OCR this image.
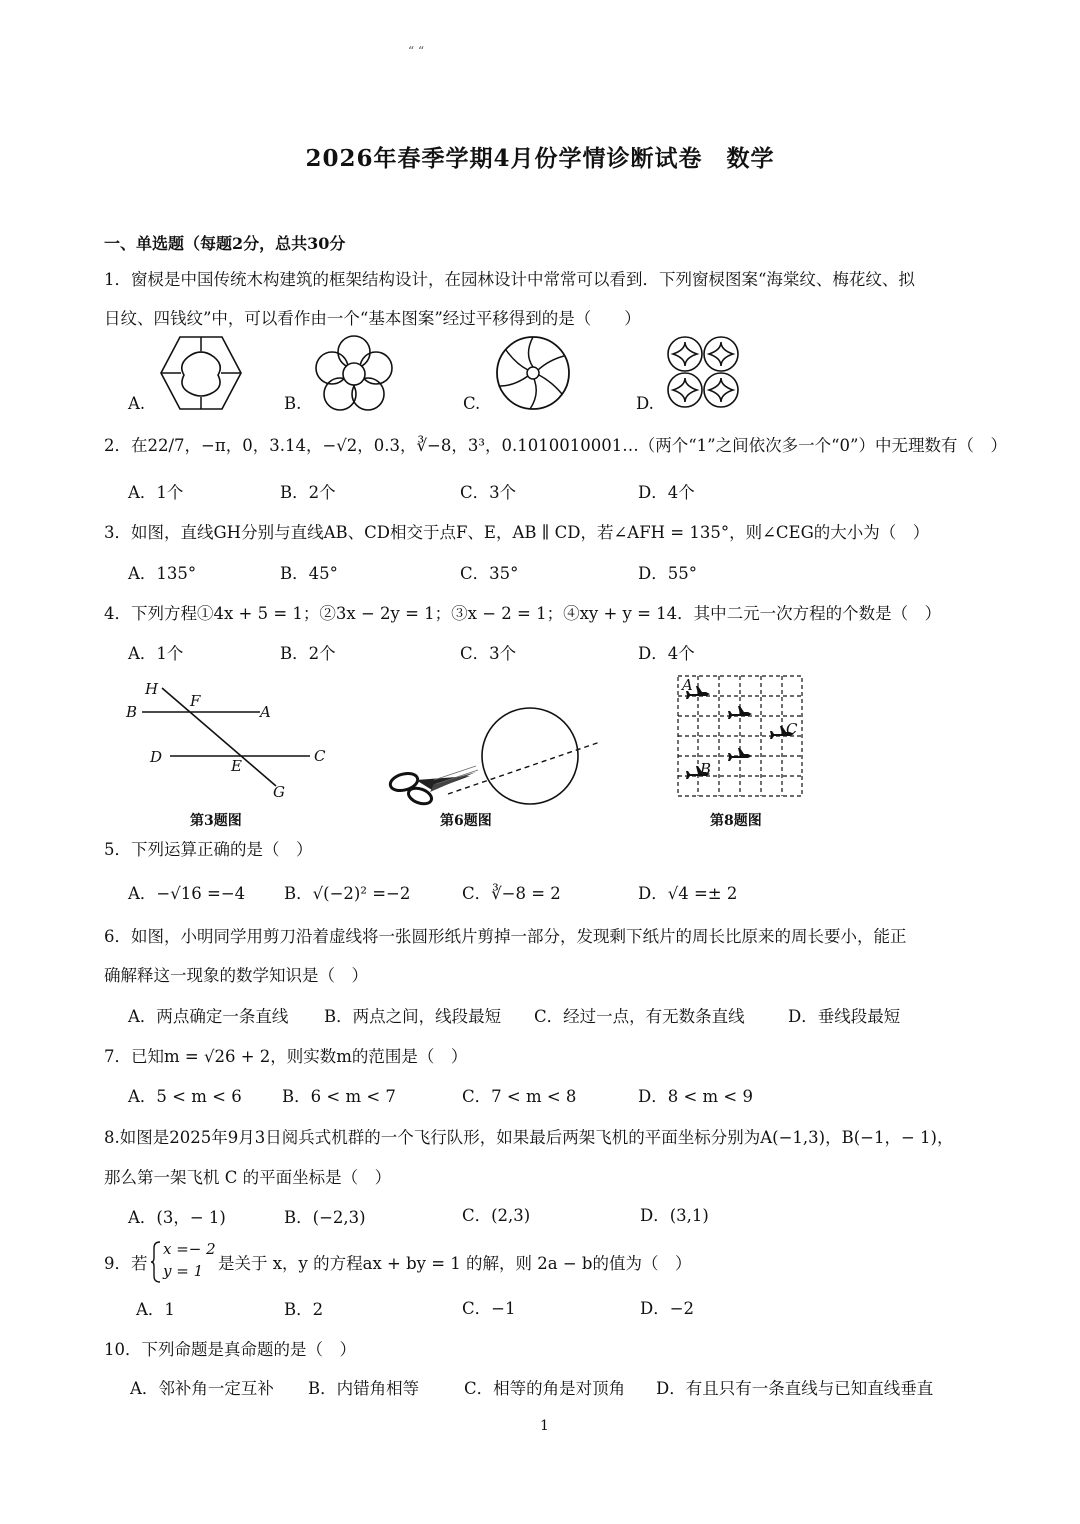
“ “
2026年春季学期4月份学情诊断试卷　数学
一、单选题（每题2分，总共30分
1．窗棂是中国传统木构建筑的框架结构设计，在园林设计中常常可以看到．下列窗棂图案“海棠纹、梅花纹、拟
日纹、四钱纹”中，可以看作由一个“基本图案”经过平移得到的是（　　）
A.	B.	C.	D.
2．在22/7，−π，0，3.14，−√2，0.3，∛−8，3³，0.1010010001…（两个“1”之间依次多一个“0”）中无理数有（　）
A．1个	B．2个	C．3个	D．4个
3．如图，直线GH分别与直线AB、CD相交于点F、E，AB ∥ CD，若∠AFH = 135°，则∠CEG的大小为（　）
A．135°	B．45°	C．35°	D．55°
4．下列方程①4x + 5 = 1；②3x − 2y = 1；③x − 2 = 1；④xy + y = 14．其中二元一次方程的个数是（　）
A．1个	B．2个	C．3个	D．4个
H
F
B	A
D	E
C
G
第3题图	第6题图
A
C
B
第8题图
5．下列运算正确的是（　）
A．−√16 =−4 B．√(−2)² =−2	C．∛−8 = 2	D．√4 =± 2
6．如图，小明同学用剪刀沿着虚线将一张圆形纸片剪掉一部分，发现剩下纸片的周长比原来的周长要小，能正
确解释这一现象的数学知识是（　）
A．两点确定一条直线 B．两点之间，线段最短 C．经过一点，有无数条直线	D．垂线段最短
7．已知m = √26 + 2，则实数m的范围是（　）
A．5 < m < 6 B．6 < m < 7	C．7 < m < 8	D．8 < m < 9
8.如图是2025年9月3日阅兵式机群的一个飞行队形，如果最后两架飞机的平面坐标分别为A(−1,3)，B(−1，− 1)，
那么第一架飞机 C 的平面坐标是（　）
A．(3，− 1)	B．(−2,3)	C．(2,3)	D．(3,1)
9．若
x =− 2
y = 1 是关于 x，y 的方程ax + by = 1 的解，则 2a − b的值为（　）
A．1	B．2	C．−1	D．−2
10．下列命题是真命题的是（　）
A．邻补角一定互补 B．内错角相等	C．相等的角是对顶角 D．有且只有一条直线与已知直线垂直
1
